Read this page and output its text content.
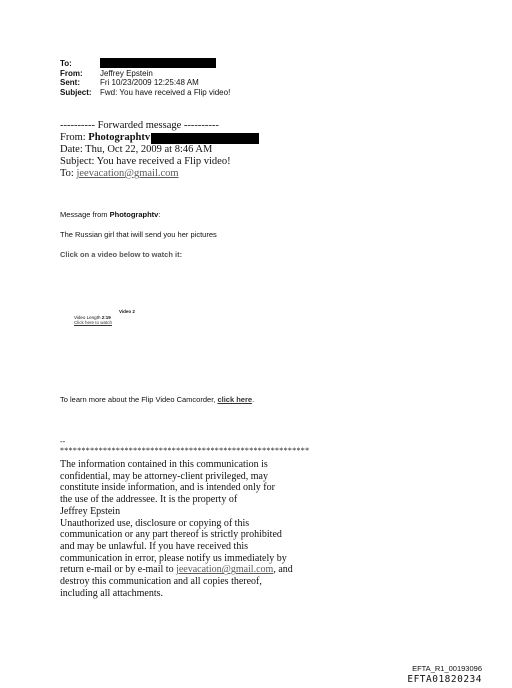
To:
From:	Jeffrey Epstein
Sent:	Fri 10/23/2009 12:25:48 AM
Subject:	Fwd: You have received a Flip video!
---------- Forwarded message ----------
From: Photographtv
Date: Thu, Oct 22, 2009 at 8:46 AM
Subject: You have received a Flip video!
To: jeevacation@gmail.com
Message from Photographtv:
The Russian girl that iwill send you her pictures
Click on a video below to watch it:
Video 2
Video Length 2:19
Click here to watch
To learn more about the Flip Video Camcorder, click here.
--
**********************************************************
The information contained in this communication is
confidential, may be attorney-client privileged, may
constitute inside information, and is intended only for
the use of the addressee. It is the property of
Jeffrey Epstein
Unauthorized use, disclosure or copying of this
communication or any part thereof is strictly prohibited
and may be unlawful. If you have received this
communication in error, please notify us immediately by
return e-mail or by e-mail to jeevacation@gmail.com, and
destroy this communication and all copies thereof,
including all attachments.
EFTA_R1_00193096
EFTA01820234
